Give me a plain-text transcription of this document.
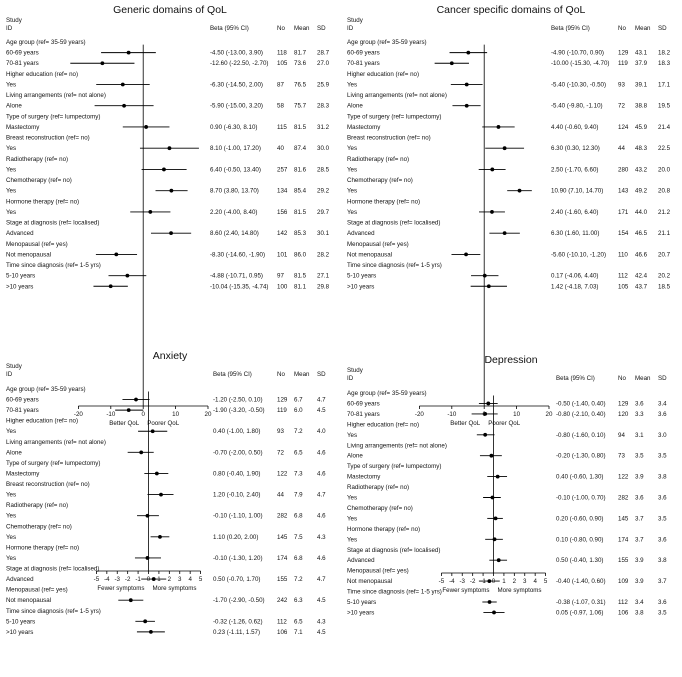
Generic domains of QoL
Study
ID	Beta (95% CI)	No Mean SD
Age group (ref= 35-59 years)
60-69 years	-4.50 (-13.00, 3.90) 118 81.7 28.7
70-81 years	-12.60 (-22.50, -2.70) 105 73.6 27.0
Higher education (ref= no)
Yes	-6.30 (-14.50, 2.00) 87 76.5 25.9
Living arrangements (ref= not alone)
Alone	-5.90 (-15.00, 3.20) 58 75.7 28.3
Type of surgery (ref= lumpectomy)
Mastectomy	0.90 (-6.30, 8.10)	115 81.5 31.2
Breast reconstruction (ref= no)
Yes	8.10 (-1.00, 17.20)	40 87.4 30.0
Radiotherapy (ref= no)
Yes	6.40 (-0.50, 13.40)	257 81.6 28.5
Chemotherapy (ref= no)
Yes	8.70 (3.80, 13.70)	134 85.4 29.2
Hormone therapy (ref= no)
Yes	2.20 (-4.00, 8.40)	156 81.5 29.7
Stage at diagnosis (ref= localised)
Advanced	8.60 (2.40, 14.80)	142 85.3 30.1
Menopausal (ref= yes)
Not menopausal	-8.30 (-14.60, -1.90) 101 86.0 28.2
Time since diagnosis (ref= 1-5 yrs)
5-10 years	-4.88 (-10.71, 0.95) 97 81.5 27.1
>10 years	-10.04 (-15.35, -4.74) 100 81.1 29.8
-20	-10	0	10	20
Better QoL Poorer QoL
Cancer specific domains of QoL
Study
ID	Beta (95% CI)	No Mean SD
Age group (ref= 35-59 years)
60-69 years	-4.90 (-10.70, 0.90) 129 43.1 18.2
70-81 years	-10.00 (-15.30, -4.70) 119 37.9 18.3
Higher education (ref= no)
Yes	-5.40 (-10.30, -0.50) 93 39.1 17.1
Living arrangements (ref= not alone)
Alone	-5.40 (-9.80, -1.10) 72 38.8 19.5
Type of surgery (ref= lumpectomy)
Mastectomy	4.40 (-0.60, 9.40)	124 45.9 21.4
Breast reconstruction (ref= no)
Yes	6.30 (0.30, 12.30)	44 48.3 22.5
Radiotherapy (ref= no)
Yes	2.50 (-1.70, 6.60)	280 43.2 20.0
Chemotherapy (ref= no)
Yes	10.90 (7.10, 14.70) 143 49.2 20.8
Hormone therapy (ref= no)
Yes	2.40 (-1.60, 6.40)	171 44.0 21.2
Stage at diagnosis (ref= localised)
Advanced	6.30 (1.60, 11.00)	154 46.5 21.1
Menopausal (ref= yes)
Not menopausal	-5.60 (-10.10, -1.20) 110 46.6 20.7
Time since diagnosis (ref= 1-5 yrs)
5-10 years	0.17 (-4.06, 4.40)	112 42.4 20.2
>10 years	1.42 (-4.18, 7.03)	105 43.7 18.5
-20	-10	10	20
Better QoL Poorer QoL
Anxiety
Study
ID	Beta (95% CI)	No Mean SD
Age group (ref= 35-59 years)
60-69 years	-1.20 (-2.50, 0.10) 129 6.7 4.7
70-81 years	-1.90 (-3.20, -0.50) 119 6.0 4.5
Higher education (ref= no)
Yes	0.40 (-1.00, 1.80)	93 7.2 4.0
Living arrangements (ref= not alone)
Alone	-0.70 (-2.00, 0.50) 72 6.5 4.6
Type of surgery (ref= lumpectomy)
Mastectomy	0.80 (-0.40, 1.90)	122 7.3 4.6
Breast reconstruction (ref= no)
Yes	1.20 (-0.10, 2.40)	44 7.9 4.7
Radiotherapy (ref= no)
Yes	-0.10 (-1.10, 1.00) 282 6.8 4.6
Chemotherapy (ref= no)
Yes	1.10 (0.20, 2.00)	145 7.5 4.3
Hormone therapy (ref= no)
Yes	-0.10 (-1.30, 1.20) 174 6.8 4.6
Stage at diagnosis (ref= localised)
Advanced	0.50 (-0.70, 1.70)	155 7.2 4.7
Menopausal (ref= yes)
Not menopausal	-1.70 (-2.90, -0.50) 242 6.3 4.5
Time since diagnosis (ref= 1-5 yrs)
5-10 years	-0.32 (-1.26, 0.62) 112 6.5 4.3
>10 years	0.23 (-1.11, 1.57)	106 7.1 4.5
-5 -4 -3 -2 -1 0 1 2 3 4 5
Fewer symptoms More symptoms
Depression
Study
ID	Beta (95% CI)	No Mean SD
Age group (ref= 35-59 years)
60-69 years	-0.50 (-1.40, 0.40) 129 3.6 3.4
70-81 years	-0.80 (-2.10, 0.40) 120 3.3 3.6
Higher education (ref= no)
Yes	-0.80 (-1.60, 0.10) 94 3.1 3.0
Living arrangements (ref= not alone)
Alone	-0.20 (-1.30, 0.80) 73 3.5 3.5
Type of surgery (ref= lumpectomy)
Mastectomy	0.40 (-0.60, 1.30) 122 3.9 3.8
Radiotherapy (ref= no)
Yes	-0.10 (-1.00, 0.70) 282 3.6 3.6
Chemotherapy (ref= no)
Yes	0.20 (-0.60, 0.90) 145 3.7 3.5
Hormone therapy (ref= no)
Yes	0.10 (-0.80, 0.90) 174 3.7 3.6
Stage at diagnosis (ref= localised)
Advanced	0.50 (-0.40, 1.30) 155 3.9 3.8
Menopausal (ref= yes)
Not menopausal	-0.40 (-1.40, 0.60) 109 3.9 3.7
Time since diagnosis (ref= 1-5 yrs)
5-10 years	-0.38 (-1.07, 0.31) 112 3.4 3.6
>10 years	0.05 (-0.97, 1.06) 106 3.8 3.5
-5 -4 -3 -2 -1 0 1 2 3 4 5
Fewer symptoms More symptoms
